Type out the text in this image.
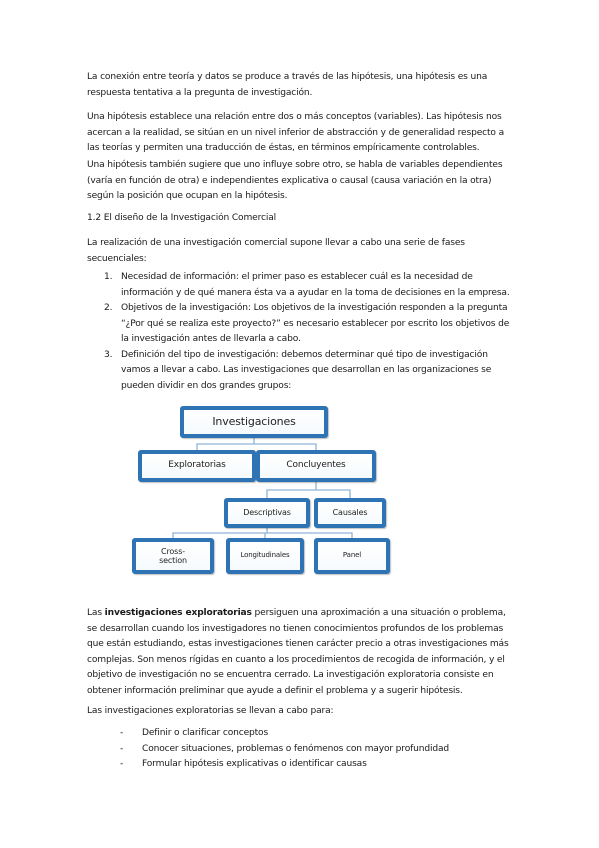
La conexión entre teoría y datos se produce a través de las hipótesis, una hipótesis es una respuesta tentativa a la pregunta de investigación.

Una hipótesis establece una relación entre dos o más conceptos (variables). Las hipótesis nos acercan a la realidad, se sitúan en un nivel inferior de abstracción y de generalidad respecto a las teorías y permiten una traducción de éstas, en términos empíricamente controlables.

Una hipótesis también sugiere que uno influye sobre otro, se habla de variables dependientes (varía en función de otra) e independientes explicativa o causal (causa variación en la otra) según la posición que ocupan en la hipótesis.

1.2 El diseño de la Investigación Comercial

La realización de una investigación comercial supone llevar a cabo una serie de fases secuenciales:

1. Necesidad de información: el primer paso es establecer cuál es la necesidad de información y de qué manera ésta va a ayudar en la toma de decisiones en la empresa.
2. Objetivos de la investigación: Los objetivos de la investigación responden a la pregunta “¿Por qué se realiza este proyecto?” es necesario establecer por escrito los objetivos de la investigación antes de llevarla a cabo.
3. Definición del tipo de investigación: debemos determinar qué tipo de investigación vamos a llevar a cabo. Las investigaciones que desarrollan en las organizaciones se pueden dividir en dos grandes grupos:
Investigaciones
Exploratorias	Concluyentes
Descriptivas	Causales
Cross-
section
Longitudinales	Panel

Las investigaciones exploratorias persiguen una aproximación a una situación o problema, se desarrollan cuando los investigadores no tienen conocimientos profundos de los problemas que están estudiando, estas investigaciones tienen carácter precio a otras investigaciones más complejas. Son menos rígidas en cuanto a los procedimientos de recogida de información, y el objetivo de investigación no se encuentra cerrado. La investigación exploratoria consiste en obtener información preliminar que ayude a definir el problema y a sugerir hipótesis.

Las investigaciones exploratorias se llevan a cabo para:

- Definir o clarificar conceptos
- Conocer situaciones, problemas o fenómenos con mayor profundidad
- Formular hipótesis explicativas o identificar causas
